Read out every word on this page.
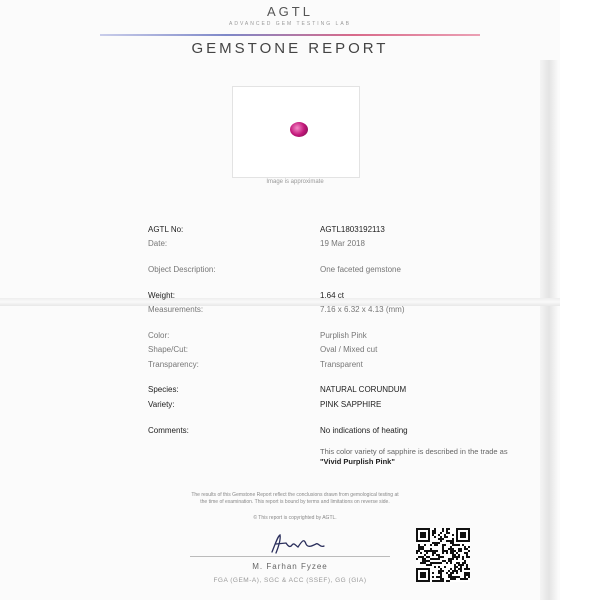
AGTL
ADVANCED GEM TESTING LAB
GEMSTONE REPORT
Image is approximate
AGTL No:	AGTL1803192113
Date:	19 Mar 2018
Object Description:	One faceted gemstone
Weight:	1.64 ct
Measurements:	7.16 x 6.32 x 4.13 (mm)
Color:	Purplish Pink
Shape/Cut:	Oval / Mixed cut
Transparency:	Transparent
Species:	NATURAL CORUNDUM
Variety:	PINK SAPPHIRE
Comments:	No indications of heating
This color variety of sapphire is described in the trade as "Vivid Purplish Pink"
The results of this Gemstone Report reflect the conclusions drawn from gemological testing at
the time of examination. This report is bound by terms and limitations on reverse side.
© This report is copyrighted by AGTL.
M. Farhan Fyzee
FGA (GEM-A), SGC & ACC (SSEF), GG (GIA)
